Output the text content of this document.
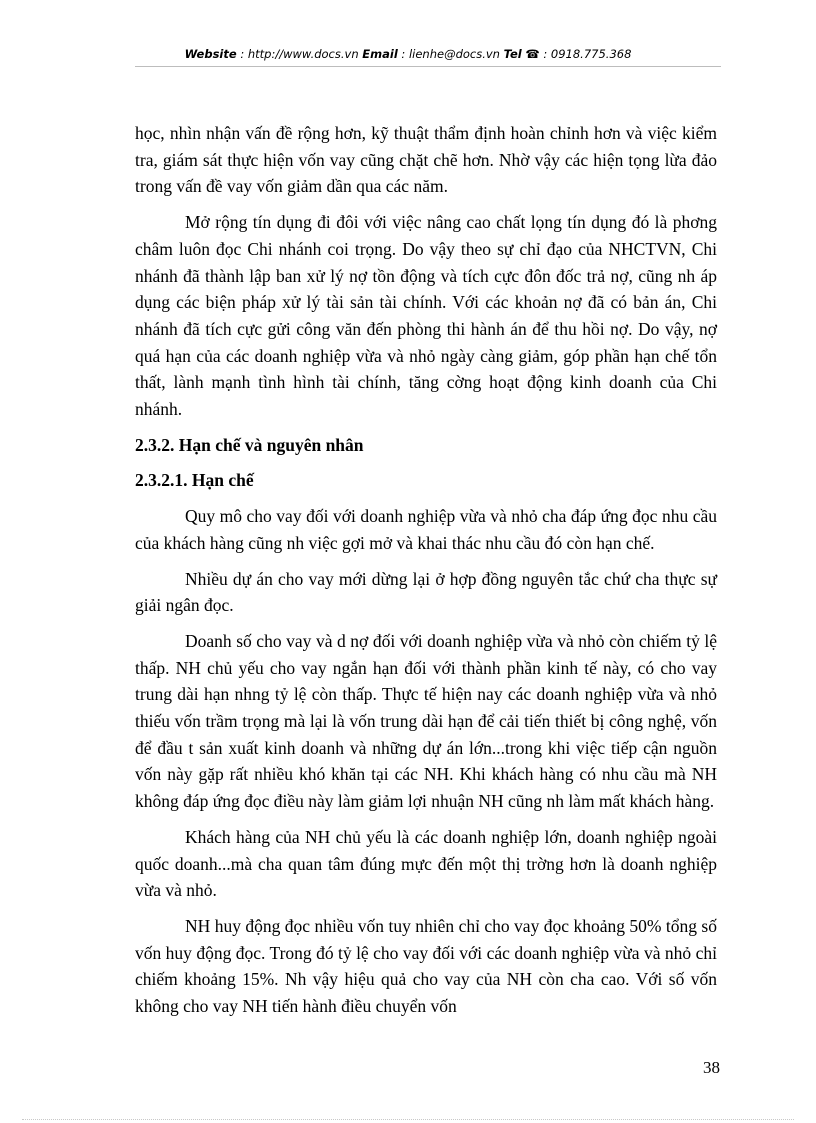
Website : http://www.docs.vn Email : lienhe@docs.vn Tel ☎ : 0918.775.368

học, nhìn nhận vấn đề rộng hơn, kỹ thuật thẩm định hoàn chỉnh hơn và việc kiểm tra, giám sát thực hiện vốn vay cũng chặt chẽ hơn. Nhờ vậy các hiện tọng lừa đảo trong vấn đề vay vốn giảm dần qua các năm.

Mở rộng tín dụng đi đôi với việc nâng cao chất lọng tín dụng đó là phơng châm luôn đọc Chi nhánh coi trọng. Do vậy theo sự chỉ đạo của NHCTVN, Chi nhánh đã thành lập ban xử lý nợ tồn động và tích cực đôn đốc trả nợ, cũng nh áp dụng các biện pháp xử lý tài sản tài chính. Với các khoản nợ đã có bản án, Chi nhánh đã tích cực gửi công văn đến phòng thi hành án để thu hồi nợ. Do vậy, nợ quá hạn của các doanh nghiệp vừa và nhỏ ngày càng giảm, góp phần hạn chế tổn thất, lành mạnh tình hình tài chính, tăng cờng hoạt động kinh doanh của Chi nhánh.

2.3.2. Hạn chế và nguyên nhân

2.3.2.1. Hạn chế

Quy mô cho vay đối với doanh nghiệp vừa và nhỏ cha đáp ứng đọc nhu cầu của khách hàng cũng nh việc gợi mở và khai thác nhu cầu đó còn hạn chế.

Nhiều dự án cho vay mới dừng lại ở hợp đồng nguyên tắc chứ cha thực sự giải ngân đọc.

Doanh số cho vay và d nợ đối với doanh nghiệp vừa và nhỏ còn chiếm tỷ lệ thấp. NH chủ yếu cho vay ngắn hạn đối với thành phần kinh tế này, có cho vay trung dài hạn nhng tỷ lệ còn thấp. Thực tế hiện nay các doanh nghiệp vừa và nhỏ thiếu vốn trầm trọng mà lại là vốn trung dài hạn để cải tiến thiết bị công nghệ, vốn để đầu t sản xuất kinh doanh và những dự án lớn...trong khi việc tiếp cận nguồn vốn này gặp rất nhiều khó khăn tại các NH. Khi khách hàng có nhu cầu mà NH không đáp ứng đọc điều này làm giảm lợi nhuận NH cũng nh làm mất khách hàng.

Khách hàng của NH chủ yếu là các doanh nghiệp lớn, doanh nghiệp ngoài quốc doanh...mà cha quan tâm đúng mực đến một thị trờng hơn là doanh nghiệp vừa và nhỏ.

NH huy động đọc nhiều vốn tuy nhiên chỉ cho vay đọc khoảng 50% tổng số vốn huy động đọc. Trong đó tỷ lệ cho vay đối với các doanh nghiệp vừa và nhỏ chỉ chiếm khoảng 15%. Nh vậy hiệu quả cho vay của NH còn cha cao. Với số vốn không cho vay NH tiến hành điều chuyển vốn

38
